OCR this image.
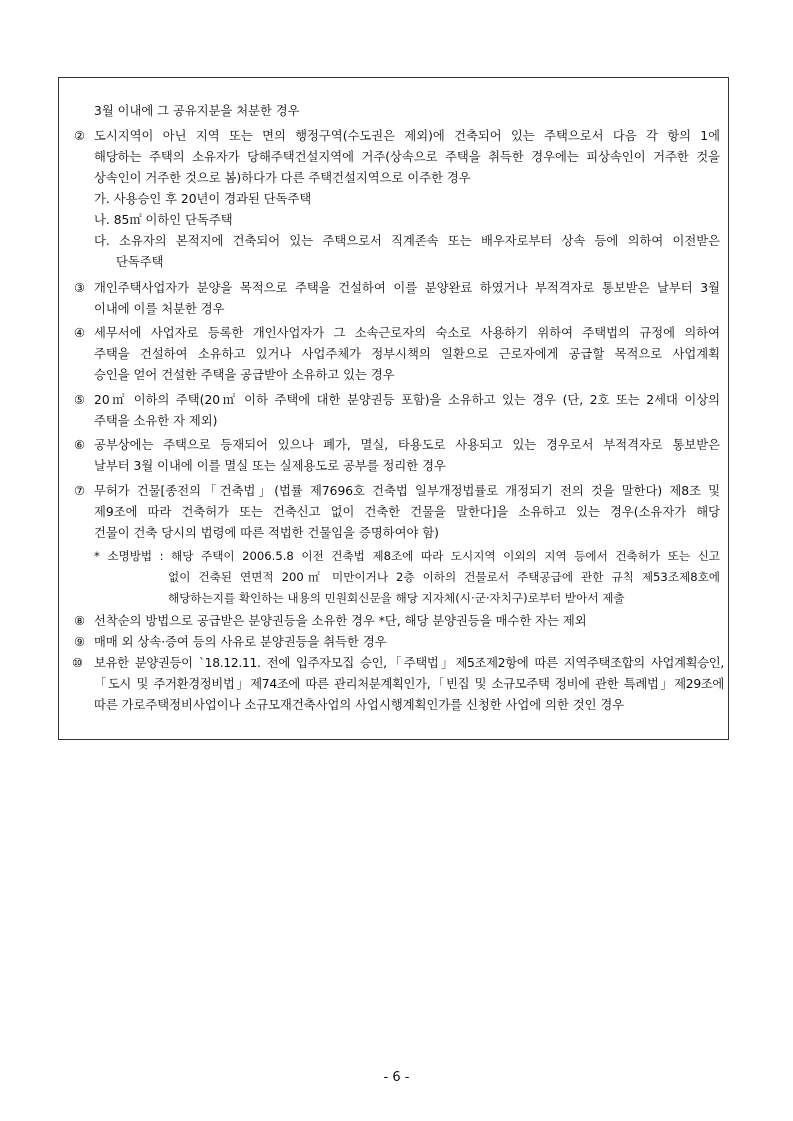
3월 이내에 그 공유지분을 처분한 경우
② 도시지역이 아닌 지역 또는 면의 행정구역(수도권은 제외)에 건축되어 있는 주택으로서 다음 각 항의 1에
해당하는 주택의 소유자가 당해주택건설지역에 거주(상속으로 주택을 취득한 경우에는 피상속인이 거주한 것을
상속인이 거주한 것으로 봄)하다가 다른 주택건설지역으로 이주한 경우
가. 사용승인 후 20년이 경과된 단독주택
나. 85㎡ 이하인 단독주택
다. 소유자의 본적지에 건축되어 있는 주택으로서 직계존속 또는 배우자로부터 상속 등에 의하여 이전받은
단독주택
③ 개인주택사업자가 분양을 목적으로 주택을 건설하여 이를 분양완료 하였거나 부적격자로 통보받은 날부터 3월
이내에 이를 처분한 경우
④ 세무서에 사업자로 등록한 개인사업자가 그 소속근로자의 숙소로 사용하기 위하여 주택법의 규정에 의하여
주택을 건설하여 소유하고 있거나 사업주체가 정부시책의 일환으로 근로자에게 공급할 목적으로 사업계획
승인을 얻어 건설한 주택을 공급받아 소유하고 있는 경우
⑤ 20㎡ 이하의 주택(20㎡ 이하 주택에 대한 분양권등 포함)을 소유하고 있는 경우 (단, 2호 또는 2세대 이상의
주택을 소유한 자 제외)
⑥ 공부상에는 주택으로 등재되어 있으나 폐가, 멸실, 타용도로 사용되고 있는 경우로서 부적격자로 통보받은
날부터 3월 이내에 이를 멸실 또는 실제용도로 공부를 정리한 경우
⑦ 무허가 건물[종전의「건축법」(법률 제7696호 건축법 일부개정법률로 개정되기 전의 것을 말한다) 제8조 및
제9조에 따라 건축허가 또는 건축신고 없이 건축한 건물을 말한다]을 소유하고 있는 경우(소유자가 해당
건물이 건축 당시의 법령에 따른 적법한 건물임을 증명하여야 함)
* 소명방법 : 해당 주택이 2006.5.8 이전 건축법 제8조에 따라 도시지역 이외의 지역 등에서 건축허가 또는 신고
없이 건축된 연면적 200㎡ 미만이거나 2층 이하의 건물로서 주택공급에 관한 규칙 제53조제8호에
해당하는지를 확인하는 내용의 민원회신문을 해당 지자체(시·군·자치구)로부터 받아서 제출
⑧ 선착순의 방법으로 공급받은 분양권등을 소유한 경우 *단, 해당 분양권등을 매수한 자는 제외
⑨ 매매 외 상속·증여 등의 사유로 분양권등을 취득한 경우
⑩ 보유한 분양권등이 `18.12.11. 전에 입주자모집 승인,「주택법」제5조제2항에 따른 지역주택조합의 사업계획승인,
「도시 및 주거환경정비법」제74조에 따른 관리처분계획인가,「빈집 및 소규모주택 정비에 관한 특례법」제29조에
따른 가로주택정비사업이나 소규모재건축사업의 사업시행계획인가를 신청한 사업에 의한 것인 경우
- 6 -
